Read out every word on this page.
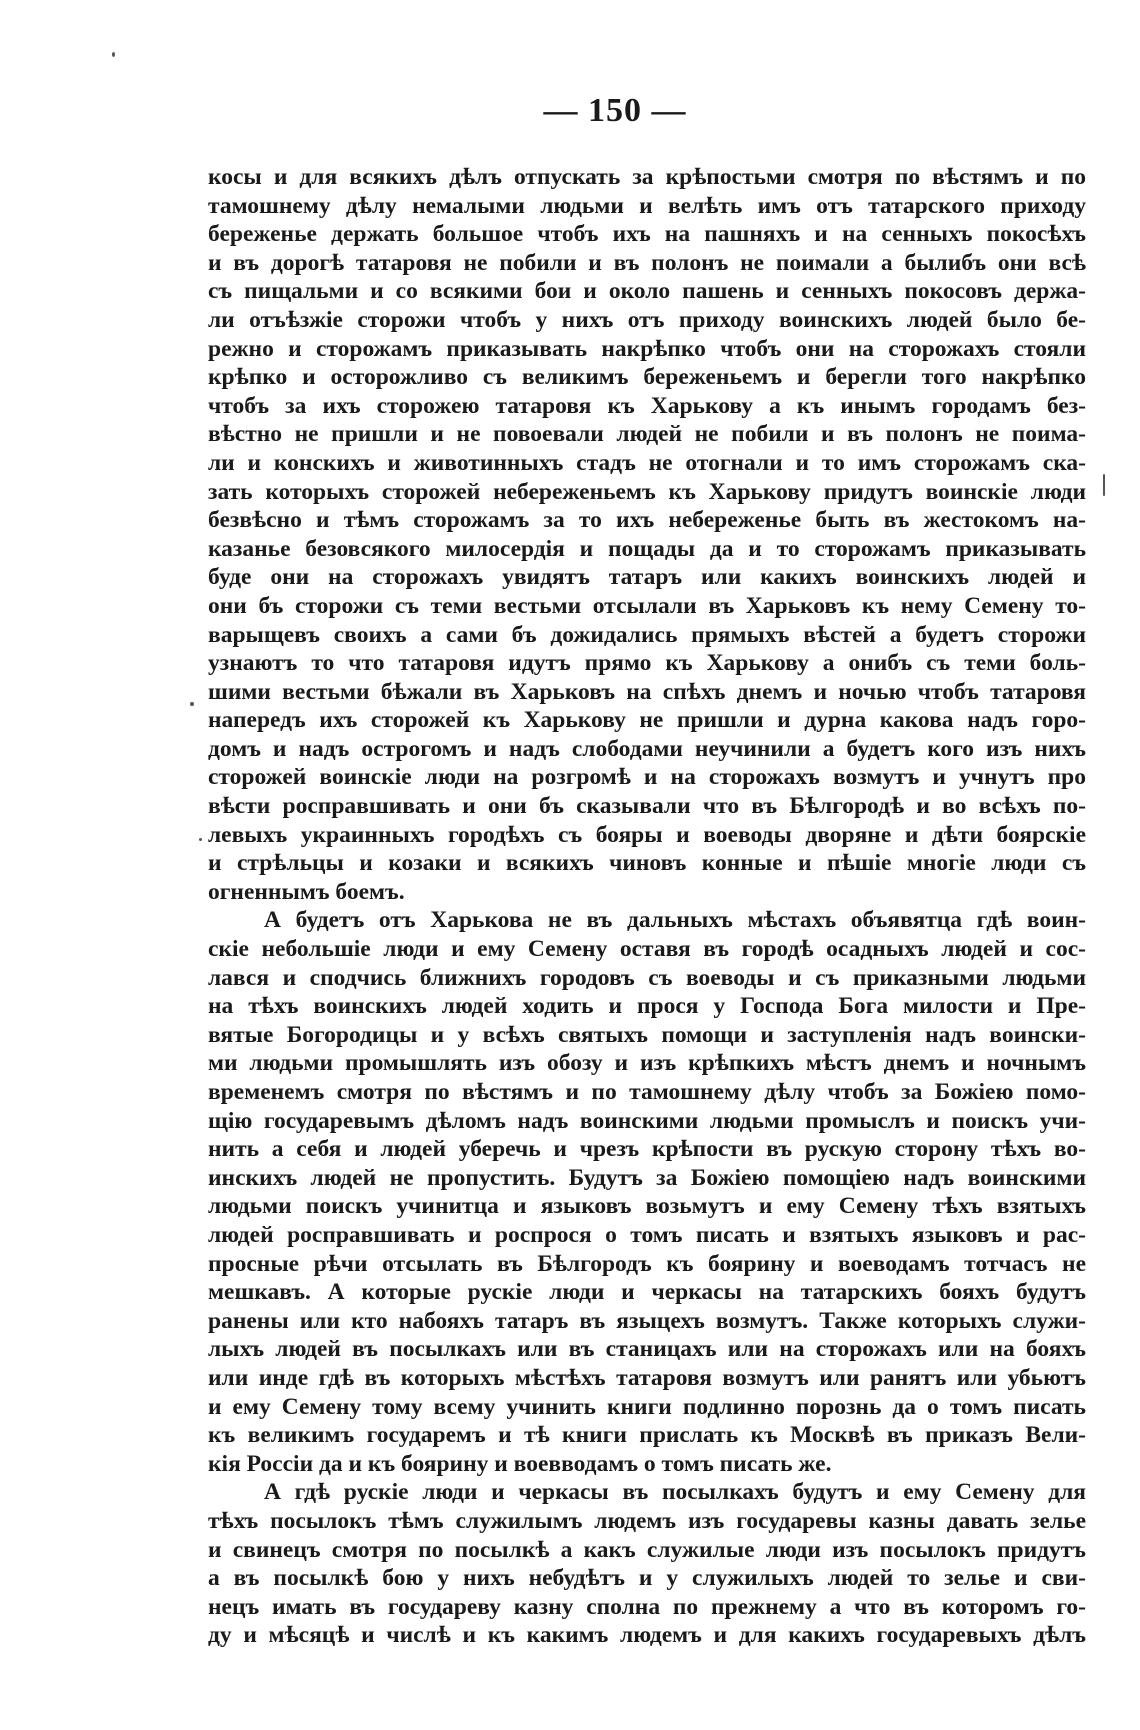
— 150 —
косы и для всякихъ дѣлъ отпускать за крѣпостьми смотря по вѣстямъ и по
тамошнему дѣлу немалыми людьми и велѣть имъ отъ татарского приходу
береженье держать большое чтобъ ихъ на пашняхъ и на сенныхъ покосѣхъ
и въ дорогѣ татаровя не побили и въ полонъ не поимали а былибъ они всѣ
съ пищальми и со всякими бои и около пашень и сенныхъ покосовъ держа-
ли отъѣзжіе сторожи чтобъ у нихъ отъ приходу воинскихъ людей было бе-
режно и сторожамъ приказывать накрѣпко чтобъ они на сторожахъ стояли
крѣпко и осторожливо съ великимъ береженьемъ и берегли того накрѣпко
чтобъ за ихъ сторожею татаровя къ Харькову а къ инымъ городамъ без-
вѣстно не пришли и не повоевали людей не побили и въ полонъ не поима-
ли и конскихъ и животинныхъ стадъ не отогнали и то имъ сторожамъ ска-
зать которыхъ сторожей небереженьемъ къ Харькову придутъ воинскіе люди
безвѣсно и тѣмъ сторожамъ за то ихъ небереженье быть въ жестокомъ на-
казанье безовсякого милосердія и пощады да и то сторожамъ приказывать
буде они на сторожахъ увидятъ татаръ или какихъ воинскихъ людей и
они бъ сторожи съ теми вестьми отсылали въ Харьковъ къ нему Семену то-
варыщевъ своихъ а сами бъ дожидались прямыхъ вѣстей а будетъ сторожи
узнаютъ то что татаровя идутъ прямо къ Харькову а онибъ съ теми боль-
шими вестьми бѣжали въ Харьковъ на спѣхъ днемъ и ночью чтобъ татаровя
напередъ ихъ сторожей къ Харькову не пришли и дурна какова надъ горо-
домъ и надъ острогомъ и надъ слободами неучинили а будетъ кого изъ нихъ
сторожей воинскіе люди на розгромѣ и на сторожахъ возмутъ и учнутъ про
вѣсти росправшивать и они бъ сказывали что въ Бѣлгородѣ и во всѣхъ по-
левыхъ украинныхъ городѣхъ съ бояры и воеводы дворяне и дѣти боярскіе
и стрѣльцы и козаки и всякихъ чиновъ конные и пѣшіе многіе люди съ
огненнымъ боемъ.
А будетъ отъ Харькова не въ дальныхъ мѣстахъ объявятца гдѣ воин-
скіе небольшіе люди и ему Семену оставя въ городѣ осадныхъ людей и сос-
лався и сподчись ближнихъ городовъ съ воеводы и съ приказными людьми
на тѣхъ воинскихъ людей ходить и прося у Господа Бога милости и Пре-
вятые Богородицы и у всѣхъ святыхъ помощи и заступленія надъ воински-
ми людьми промышлять изъ обозу и изъ крѣпкихъ мѣстъ днемъ и ночнымъ
временемъ смотря по вѣстямъ и по тамошнему дѣлу чтобъ за Божіею помо-
щію государевымъ дѣломъ надъ воинскими людьми промыслъ и поискъ учи-
нить а себя и людей уберечь и чрезъ крѣпости въ рускую сторону тѣхъ во-
инскихъ людей не пропустить. Будутъ за Божіею помощіею надъ воинскими
людьми поискъ учинитца и языковъ возьмутъ и ему Семену тѣхъ взятыхъ
людей росправшивать и роспрося о томъ писать и взятыхъ языковъ и рас-
просные рѣчи отсылать въ Бѣлгородъ къ боярину и воеводамъ тотчасъ не
мешкавъ. А которые рускіе люди и черкасы на татарскихъ бояхъ будутъ
ранены или кто набояхъ татаръ въ языцехъ возмутъ. Также которыхъ служи-
лыхъ людей въ посылкахъ или въ станицахъ или на сторожахъ или на бояхъ
или инде гдѣ въ которыхъ мѣстѣхъ татаровя возмутъ или ранятъ или убьютъ
и ему Семену тому всему учинить книги подлинно порознь да о томъ писать
къ великимъ государемъ и тѣ книги прислать къ Москвѣ въ приказъ Вели-
кія Россіи да и къ боярину и воевводамъ о томъ писать же.
А гдѣ рускіе люди и черкасы въ посылкахъ будутъ и ему Семену для
тѣхъ посылокъ тѣмъ служилымъ людемъ изъ государевы казны давать зелье
и свинецъ смотря по посылкѣ а какъ служилые люди изъ посылокъ придутъ
а въ посылкѣ бою у нихъ небудѣтъ и у служилыхъ людей то зелье и сви-
нецъ имать въ государеву казну сполна по прежнему а что въ которомъ го-
ду и мѣсяцѣ и числѣ и къ какимъ людемъ и для какихъ государевыхъ дѣлъ
